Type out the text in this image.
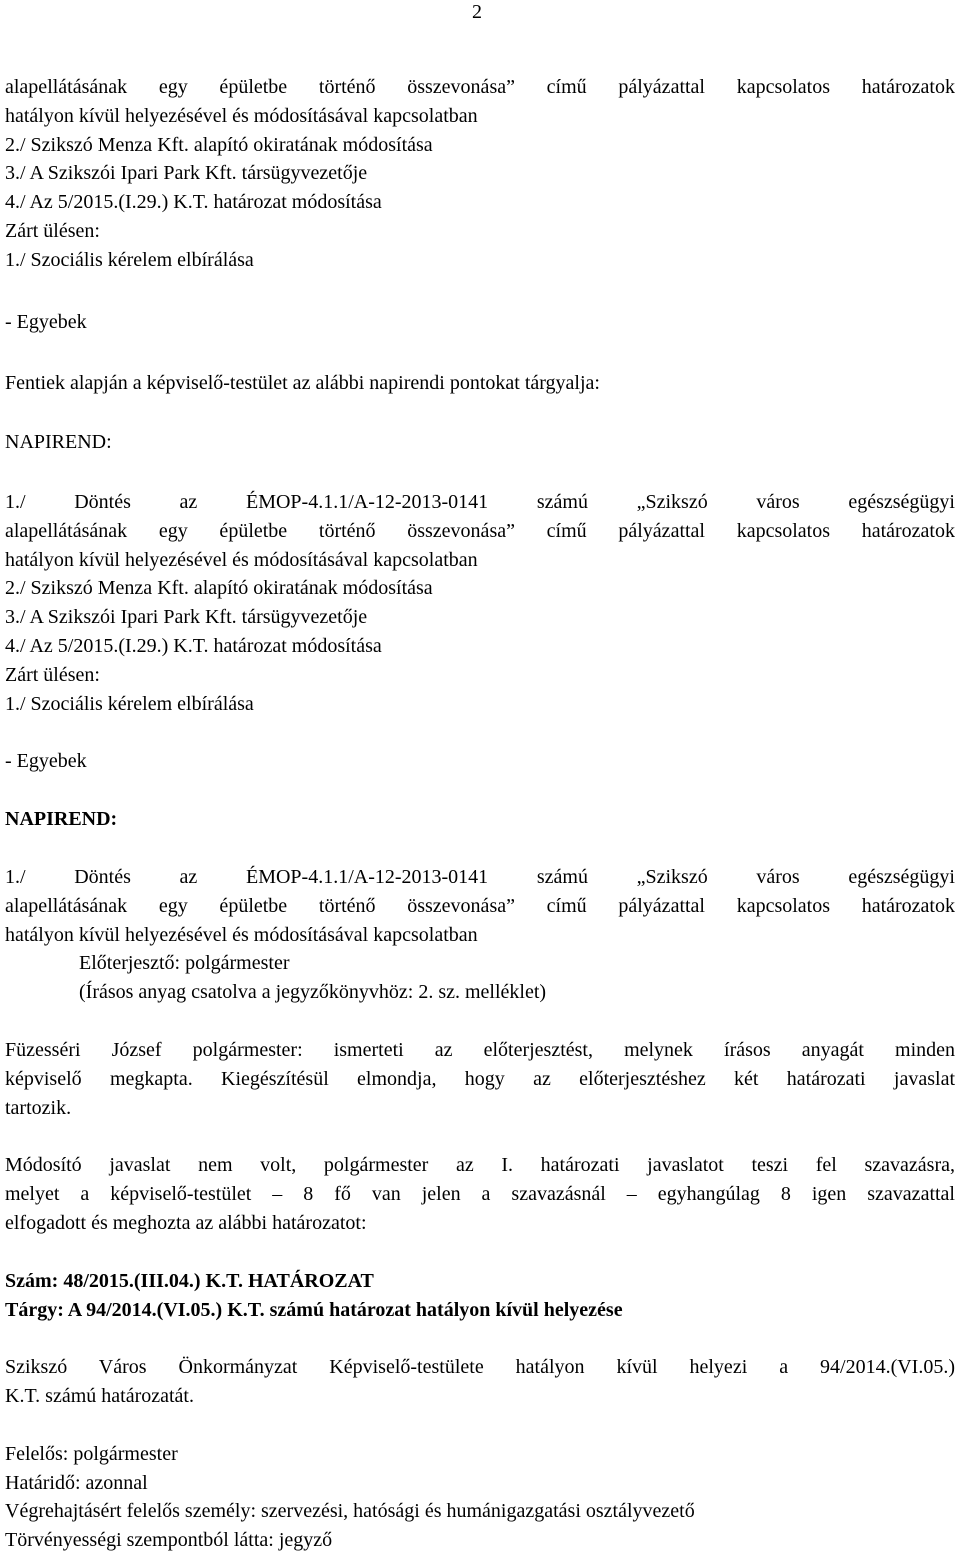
2
alapellátásának egy épületbe történő összevonása” című pályázattal kapcsolatos határozatok
hatályon kívül helyezésével és módosításával kapcsolatban
2./ Szikszó Menza Kft. alapító okiratának módosítása
3./ A Szikszói Ipari Park Kft. társügyvezetője
4./ Az 5/2015.(I.29.) K.T. határozat módosítása
Zárt ülésen:
1./ Szociális kérelem elbírálása
- Egyebek
Fentiek alapján a képviselő-testület az alábbi napirendi pontokat tárgyalja:
NAPIREND:
1./ Döntés az ÉMOP-4.1.1/A-12-2013-0141 számú „Szikszó város egészségügyi
alapellátásának egy épületbe történő összevonása” című pályázattal kapcsolatos határozatok
hatályon kívül helyezésével és módosításával kapcsolatban
2./ Szikszó Menza Kft. alapító okiratának módosítása
3./ A Szikszói Ipari Park Kft. társügyvezetője
4./ Az 5/2015.(I.29.) K.T. határozat módosítása
Zárt ülésen:
1./ Szociális kérelem elbírálása
- Egyebek
NAPIREND:
1./ Döntés az ÉMOP-4.1.1/A-12-2013-0141 számú „Szikszó város egészségügyi
alapellátásának egy épületbe történő összevonása” című pályázattal kapcsolatos határozatok
hatályon kívül helyezésével és módosításával kapcsolatban
Előterjesztő: polgármester
(Írásos anyag csatolva a jegyzőkönyvhöz: 2. sz. melléklet)
Füzesséri József polgármester: ismerteti az előterjesztést, melynek írásos anyagát minden
képviselő megkapta. Kiegészítésül elmondja, hogy az előterjesztéshez két határozati javaslat
tartozik.
Módosító javaslat nem volt, polgármester az I. határozati javaslatot teszi fel szavazásra,
melyet a képviselő-testület – 8 fő van jelen a szavazásnál – egyhangúlag 8 igen szavazattal
elfogadott és meghozta az alábbi határozatot:
Szám: 48/2015.(III.04.) K.T. HATÁROZAT
Tárgy: A 94/2014.(VI.05.) K.T. számú határozat hatályon kívül helyezése
Szikszó Város Önkormányzat Képviselő-testülete hatályon kívül helyezi a 94/2014.(VI.05.)
K.T. számú határozatát.
Felelős: polgármester
Határidő: azonnal
Végrehajtásért felelős személy: szervezési, hatósági és humánigazgatási osztályvezető
Törvényességi szempontból látta: jegyző
